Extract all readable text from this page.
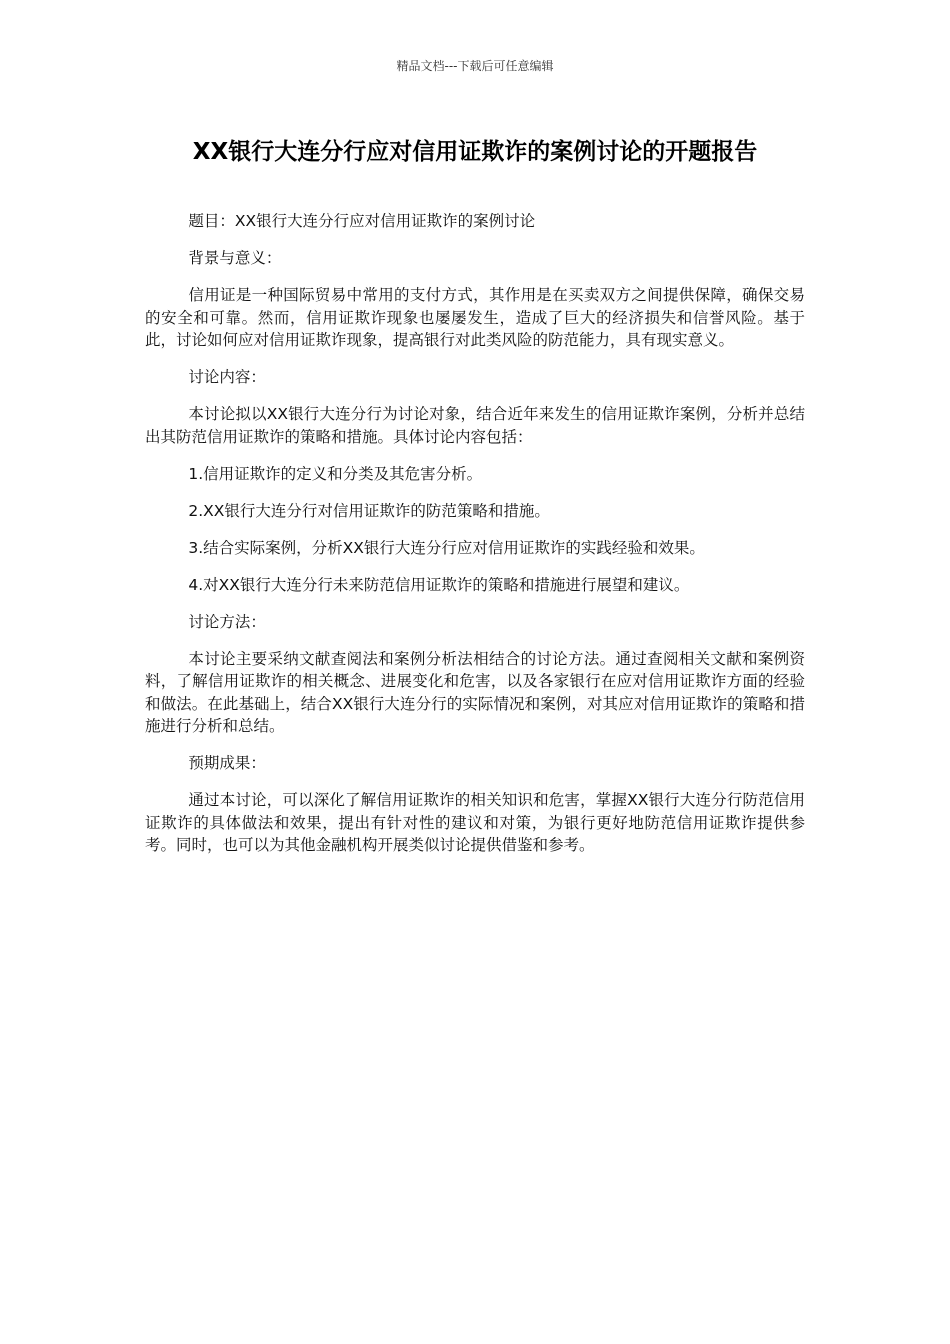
精品文档---下载后可任意编辑
XX银行大连分行应对信用证欺诈的案例讨论的开题报告

题目：XX银行大连分行应对信用证欺诈的案例讨论

背景与意义：

信用证是一种国际贸易中常用的支付方式，其作用是在买卖双方之间提供保障，确保交易的安全和可靠。然而，信用证欺诈现象也屡屡发生，造成了巨大的经济损失和信誉风险。基于此，讨论如何应对信用证欺诈现象，提高银行对此类风险的防范能力，具有现实意义。

讨论内容：

本讨论拟以XX银行大连分行为讨论对象，结合近年来发生的信用证欺诈案例，分析并总结出其防范信用证欺诈的策略和措施。具体讨论内容包括：

1.信用证欺诈的定义和分类及其危害分析。

2.XX银行大连分行对信用证欺诈的防范策略和措施。

3.结合实际案例，分析XX银行大连分行应对信用证欺诈的实践经验和效果。

4.对XX银行大连分行未来防范信用证欺诈的策略和措施进行展望和建议。

讨论方法：

本讨论主要采纳文献查阅法和案例分析法相结合的讨论方法。通过查阅相关文献和案例资料，了解信用证欺诈的相关概念、进展变化和危害，以及各家银行在应对信用证欺诈方面的经验和做法。在此基础上，结合XX银行大连分行的实际情况和案例，对其应对信用证欺诈的策略和措施进行分析和总结。

预期成果：

通过本讨论，可以深化了解信用证欺诈的相关知识和危害，掌握XX银行大连分行防范信用证欺诈的具体做法和效果，提出有针对性的建议和对策，为银行更好地防范信用证欺诈提供参考。同时，也可以为其他金融机构开展类似讨论提供借鉴和参考。
